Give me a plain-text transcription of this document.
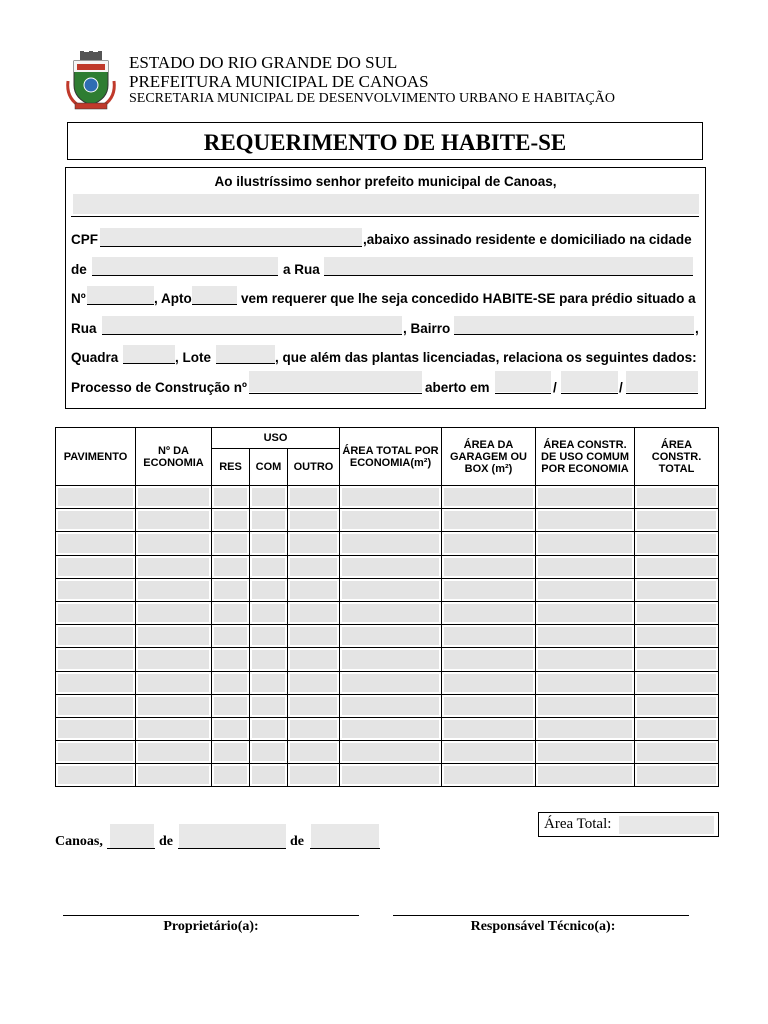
ESTADO DO RIO GRANDE DO SUL
PREFEITURA MUNICIPAL DE CANOAS
SECRETARIA MUNICIPAL DE DESENVOLVIMENTO URBANO E HABITAÇÃO
REQUERIMENTO DE HABITE-SE
Ao ilustríssimo senhor prefeito municipal de Canoas,
CPF	,abaixo assinado residente e domiciliado na cidade
de	a Rua
Nº	, Apto	vem requerer que lhe seja concedido HABITE-SE para prédio situado a
Rua	, Bairro	,
Quadra	, Lote	, que além das plantas licenciadas, relaciona os seguintes dados:
Processo de Construção nº	aberto em	/	/
PAVIMENTO	Nº DA ECONOMIA	USO			ÁREA TOTAL POR ECONOMIA(m²)	ÁREA DA GARAGEM OU BOX (m²)	ÁREA CONSTR. DE USO COMUM POR ECONOMIA	ÁREA CONSTR. TOTAL
		RES	COM	OUTRO				

Área Total:
Canoas,	de	de
Proprietário(a):	Responsável Técnico(a):
